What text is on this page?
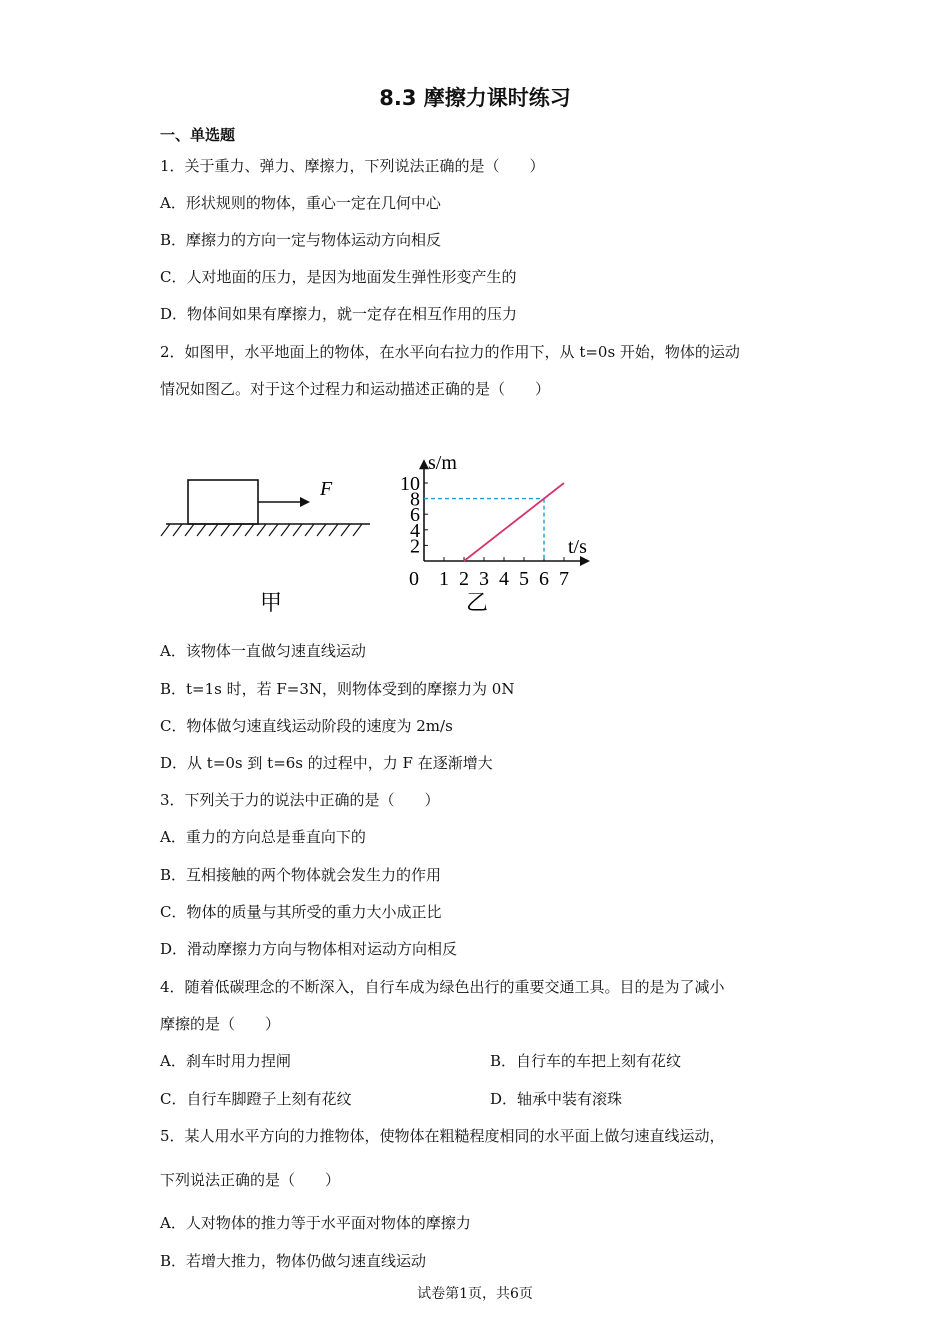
8.3 摩擦力课时练习
一、单选题
1．关于重力、弹力、摩擦力，下列说法正确的是（　　）
A．形状规则的物体，重心一定在几何中心
B．摩擦力的方向一定与物体运动方向相反
C．人对地面的压力，是因为地面发生弹性形变产生的
D．物体间如果有摩擦力，就一定存在相互作用的压力
2．如图甲，水平地面上的物体，在水平向右拉力的作用下，从 t=0s 开始，物体的运动
情况如图乙。对于这个过程力和运动描述正确的是（　　）
F
甲
s/m
t/s
0 1 2 3 4 5 6 7
2
4
6
8
10
乙
A．该物体一直做匀速直线运动
B．t=1s 时，若 F=3N，则物体受到的摩擦力为 0N
C．物体做匀速直线运动阶段的速度为 2m/s
D．从 t=0s 到 t=6s 的过程中，力 F 在逐渐增大
3．下列关于力的说法中正确的是（　　）
A．重力的方向总是垂直向下的
B．互相接触的两个物体就会发生力的作用
C．物体的质量与其所受的重力大小成正比
D．滑动摩擦力方向与物体相对运动方向相反
4．随着低碳理念的不断深入，自行车成为绿色出行的重要交通工具。目的是为了减小
摩擦的是（　　）
A．刹车时用力捏闸	B．自行车的车把上刻有花纹
C．自行车脚蹬子上刻有花纹	D．轴承中装有滚珠
5．某人用水平方向的力推物体，使物体在粗糙程度相同的水平面上做匀速直线运动，
下列说法正确的是（　　）
A．人对物体的推力等于水平面对物体的摩擦力
B．若增大推力，物体仍做匀速直线运动
试卷第1页，共6页
